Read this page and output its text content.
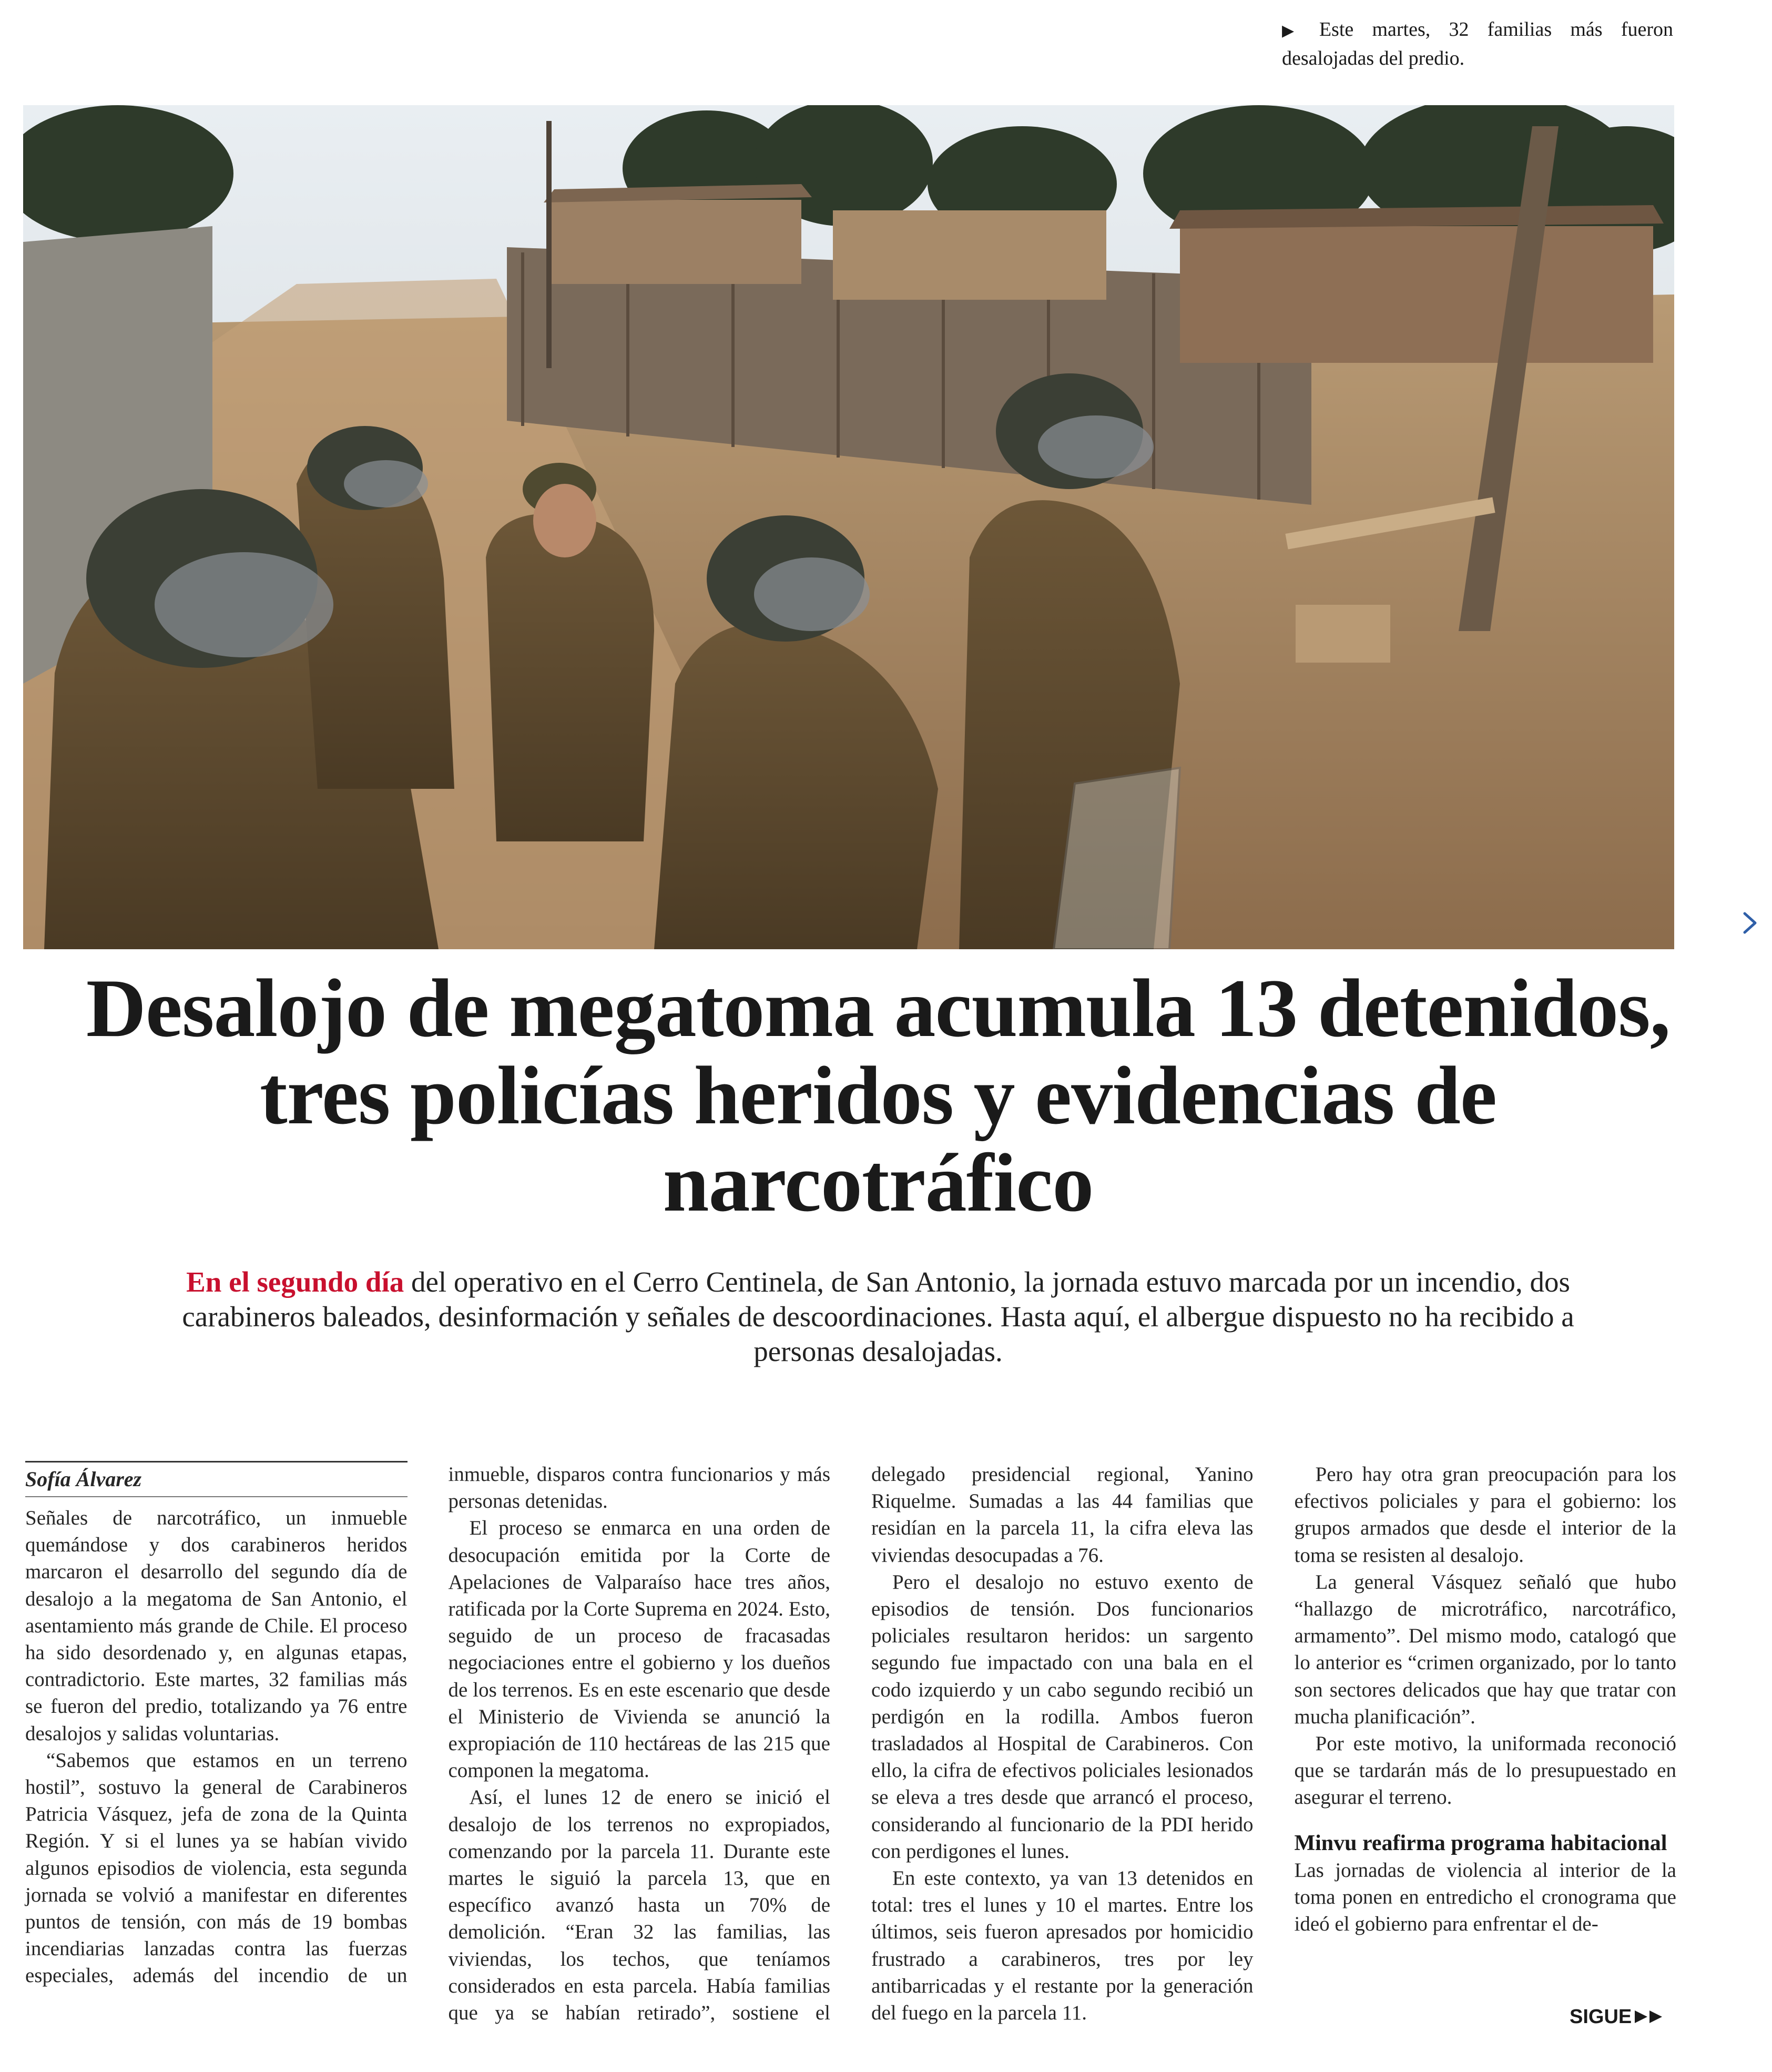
▶ Este martes, 32 familias más fueron desalojadas del predio.
Desalojo de megatoma acumula 13 detenidos, tres policías heridos y evidencias de narcotráfico

En el segundo día del operativo en el Cerro Centinela, de San Antonio, la jornada estuvo marcada por un incendio, dos carabineros baleados, desinformación y señales de descoordinaciones. Hasta aquí, el albergue dispuesto no ha recibido a personas desalojadas.

Sofía Álvarez

Señales de narcotráfico, un inmueble quemándose y dos carabineros heridos marcaron el desarrollo del segundo día de desalojo a la megatoma de San Antonio, el asentamiento más grande de Chile. El proceso ha sido desordenado y, en algunas etapas, contradictorio. Este martes, 32 familias más se fueron del predio, totalizando ya 76 entre desalojos y salidas voluntarias.

“Sabemos que estamos en un terreno hostil”, sostuvo la general de Carabineros Patricia Vásquez, jefa de zona de la Quinta Región. Y si el lunes ya se habían vivido algunos episodios de violencia, esta segunda jornada se volvió a manifestar en diferentes puntos de tensión, con más de 19 bombas incendiarias lanzadas contra las fuerzas especiales, además del incendio de un inmueble, disparos contra funcionarios y más personas detenidas.

El proceso se enmarca en una orden de desocupación emitida por la Corte de Apelaciones de Valparaíso hace tres años, ratificada por la Corte Suprema en 2024. Esto, seguido de un proceso de fracasadas negociaciones entre el gobierno y los dueños de los terrenos. Es en este escenario que desde el Ministerio de Vivienda se anunció la expropiación de 110 hectáreas de las 215 que componen la megatoma.

Así, el lunes 12 de enero se inició el desalojo de los terrenos no expropiados, comenzando por la parcela 11. Durante este martes le siguió la parcela 13, que en específico avanzó hasta un 70% de demolición. “Eran 32 las familias, las viviendas, los techos, que teníamos considerados en esta parcela. Había familias que ya se habían retirado”, sostiene el delegado presidencial regional, Yanino Riquelme. Sumadas a las 44 familias que residían en la parcela 11, la cifra eleva las viviendas desocupadas a 76.

Pero el desalojo no estuvo exento de episodios de tensión. Dos funcionarios policiales resultaron heridos: un sargento segundo fue impactado con una bala en el codo izquierdo y un cabo segundo recibió un perdigón en la rodilla. Ambos fueron trasladados al Hospital de Carabineros. Con ello, la cifra de efectivos policiales lesionados se eleva a tres desde que arrancó el proceso, considerando al funcionario de la PDI herido con perdigones el lunes.

En este contexto, ya van 13 detenidos en total: tres el lunes y 10 el martes. Entre los últimos, seis fueron apresados por homicidio frustrado a carabineros, tres por ley antibarricadas y el restante por la generación del fuego en la parcela 11.

Pero hay otra gran preocupación para los efectivos policiales y para el gobierno: los grupos armados que desde el interior de la toma se resisten al desalojo.

La general Vásquez señaló que hubo “hallazgo de microtráfico, narcotráfico, armamento”. Del mismo modo, catalogó que lo anterior es “crimen organizado, por lo tanto son sectores delicados que hay que tratar con mucha planificación”.

Por este motivo, la uniformada reconoció que se tardarán más de lo presupuestado en asegurar el terreno.

Minvu reafirma programa habitacional

Las jornadas de violencia al interior de la toma ponen en entredicho el cronograma que ideó el gobierno para enfrentar el de-

SIGUE
